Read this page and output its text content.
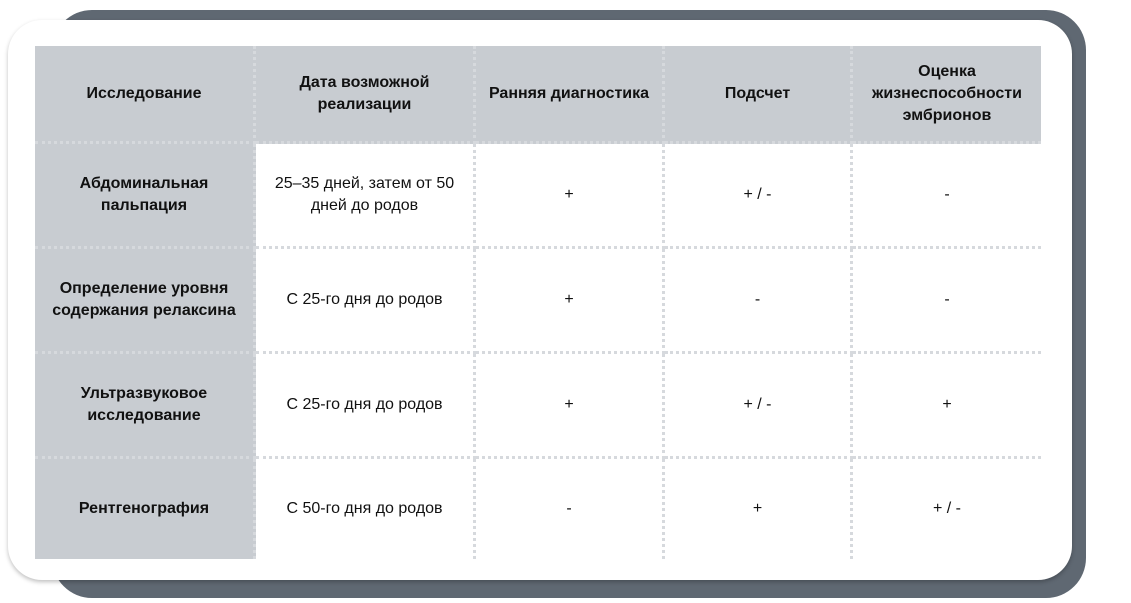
Исследование	Дата возможной реализации	Ранняя диагностика	Подсчет	Оценка жизнеспособности эмбрионов
Абдоминальная пальпация	25–35 дней, затем от 50 дней до родов	+	+ / -	-
Определение уровня содержания релаксина	С 25-го дня до родов	+	-	-
Ультразвуковое исследование	С 25-го дня до родов	+	+ / -	+
Рентгенография	С 50-го дня до родов	-	+	+ / -
